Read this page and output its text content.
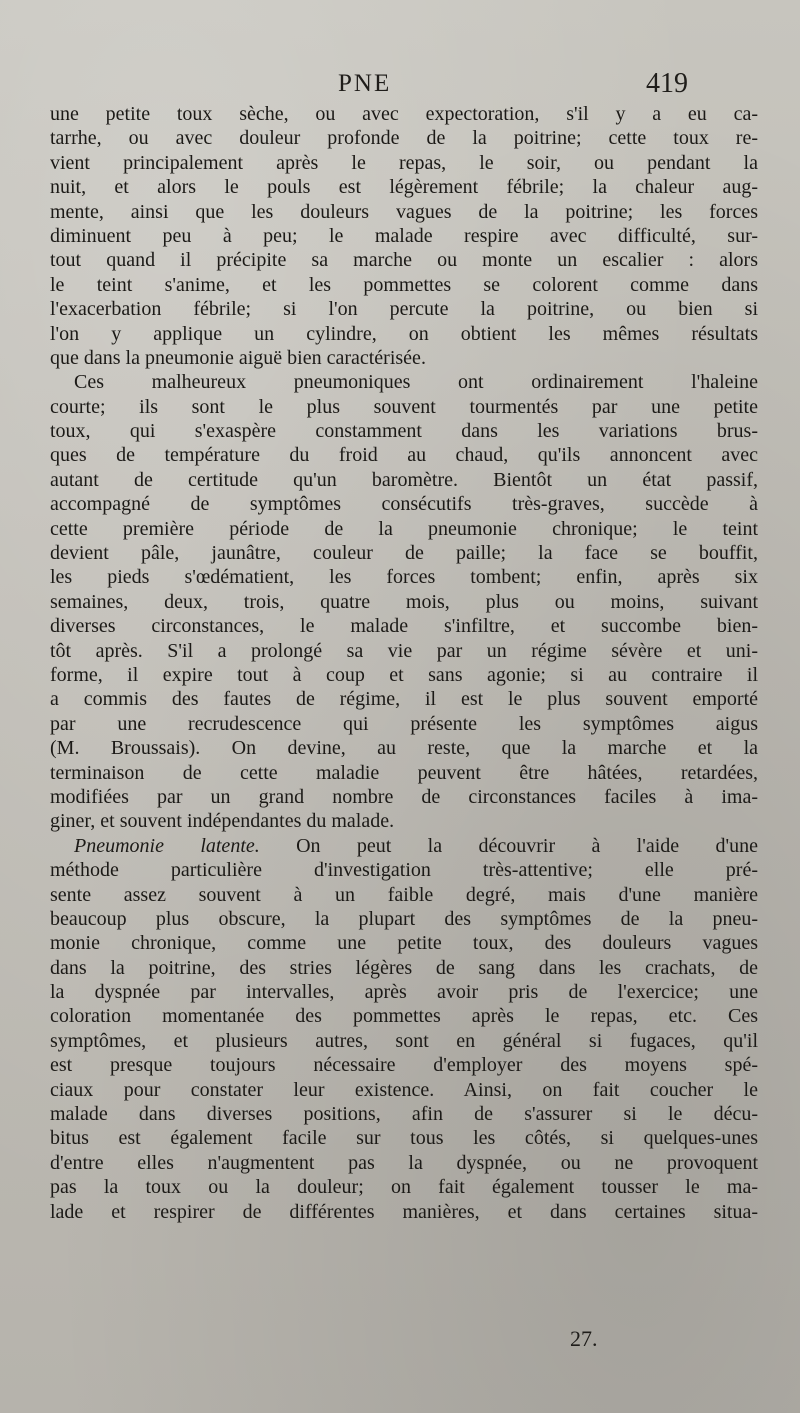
PNE	419
une petite toux sèche, ou avec expectoration, s'il y a eu ca-
tarrhe, ou avec douleur profonde de la poitrine; cette toux re-
vient principalement après le repas, le soir, ou pendant la
nuit, et alors le pouls est légèrement fébrile; la chaleur aug-
mente, ainsi que les douleurs vagues de la poitrine; les forces
diminuent peu à peu; le malade respire avec difficulté, sur-
tout quand il précipite sa marche ou monte un escalier : alors
le teint s'anime, et les pommettes se colorent comme dans
l'exacerbation fébrile; si l'on percute la poitrine, ou bien si
l'on y applique un cylindre, on obtient les mêmes résultats
que dans la pneumonie aiguë bien caractérisée.
Ces malheureux pneumoniques ont ordinairement l'haleine
courte; ils sont le plus souvent tourmentés par une petite
toux, qui s'exaspère constamment dans les variations brus-
ques de température du froid au chaud, qu'ils annoncent avec
autant de certitude qu'un baromètre. Bientôt un état passif,
accompagné de symptômes consécutifs très-graves, succède à
cette première période de la pneumonie chronique; le teint
devient pâle, jaunâtre, couleur de paille; la face se bouffit,
les pieds s'œdématient, les forces tombent; enfin, après six
semaines, deux, trois, quatre mois, plus ou moins, suivant
diverses circonstances, le malade s'infiltre, et succombe bien-
tôt après. S'il a prolongé sa vie par un régime sévère et uni-
forme, il expire tout à coup et sans agonie; si au contraire il
a commis des fautes de régime, il est le plus souvent emporté
par une recrudescence qui présente les symptômes aigus
(M. Broussais). On devine, au reste, que la marche et la
terminaison de cette maladie peuvent être hâtées, retardées,
modifiées par un grand nombre de circonstances faciles à ima-
giner, et souvent indépendantes du malade.
Pneumonie latente. On peut la découvrir à l'aide d'une
méthode particulière d'investigation très-attentive; elle pré-
sente assez souvent à un faible degré, mais d'une manière
beaucoup plus obscure, la plupart des symptômes de la pneu-
monie chronique, comme une petite toux, des douleurs vagues
dans la poitrine, des stries légères de sang dans les crachats, de
la dyspnée par intervalles, après avoir pris de l'exercice; une
coloration momentanée des pommettes après le repas, etc. Ces
symptômes, et plusieurs autres, sont en général si fugaces, qu'il
est presque toujours nécessaire d'employer des moyens spé-
ciaux pour constater leur existence. Ainsi, on fait coucher le
malade dans diverses positions, afin de s'assurer si le décu-
bitus est également facile sur tous les côtés, si quelques-unes
d'entre elles n'augmentent pas la dyspnée, ou ne provoquent
pas la toux ou la douleur; on fait également tousser le ma-
lade et respirer de différentes manières, et dans certaines situa-
27.
